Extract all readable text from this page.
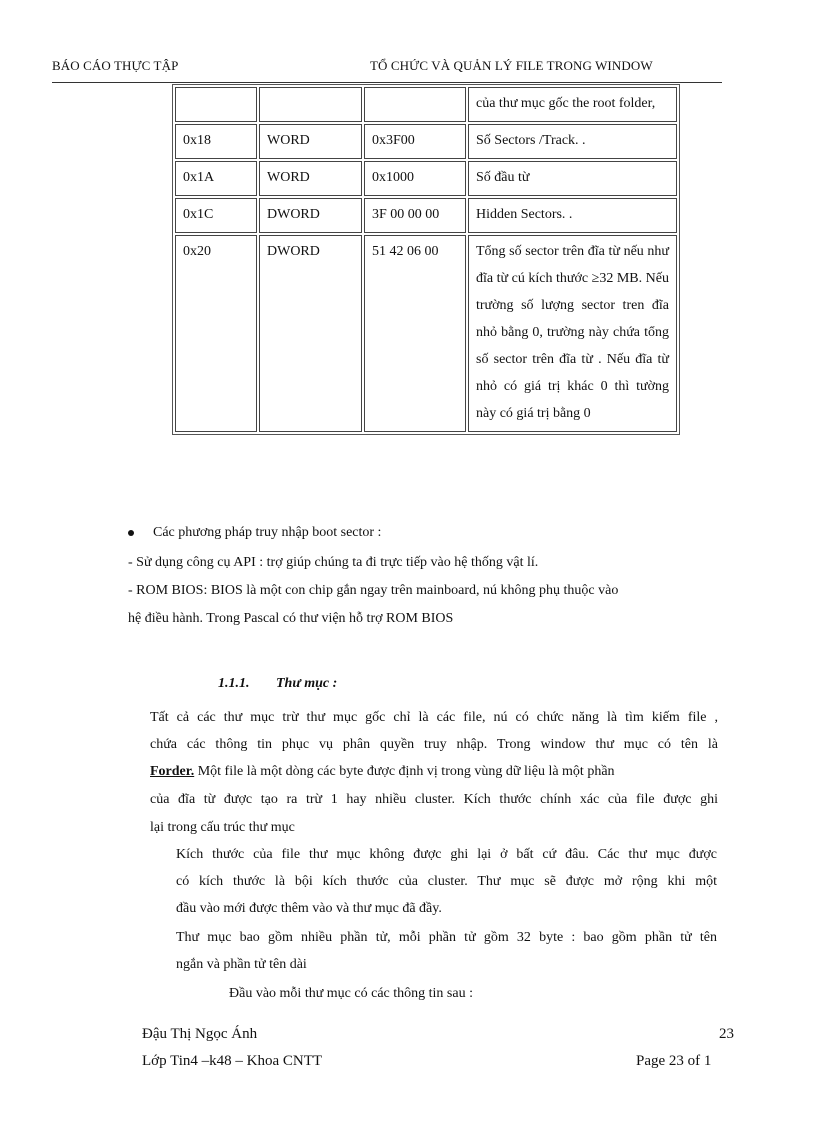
BÁO CÁO THỰC TẬP	TỔ CHỨC VÀ QUẢN LÝ FILE TRONG WINDOW
			của thư mục gốc the root folder,
0x18	WORD	0x3F00	Số Sectors /Track. .
0x1A	WORD	0x1000	Số đầu từ
0x1C	DWORD	3F 00 00 00	Hidden Sectors. .
0x20	DWORD	51 42 06 00	Tổng số sector trên đĩa từ nếu như đĩa từ cú kích thước ≥32 MB. Nếu trường số lượng sector tren đĩa nhỏ bằng 0, trường này chứa tổng số sector trên đĩa từ . Nếu đĩa từ nhỏ có giá trị khác 0 thì tường này có giá trị bằng 0
Các phương pháp truy nhập boot sector :
- Sử dụng công cụ API : trợ giúp chúng ta đi trực tiếp vào hệ thống vật lí.
- ROM BIOS: BIOS là một con chip gắn ngay trên mainboard, nú không phụ thuộc vào
hệ điều hành. Trong Pascal có thư viện hỗ trợ ROM BIOS
1.1.1. Thư mục :
Tất cả các thư mục trừ thư mục gốc chỉ là các file, nú có chức năng là tìm kiếm file ,
chứa các thông tin phục vụ phân quyền truy nhập. Trong window thư mục có tên là
Forder. Một file là một dòng các byte được định vị trong vùng dữ liệu là một phần
của đĩa từ được tạo ra trừ 1 hay nhiều cluster. Kích thước chính xác của file được ghi
lại trong cấu trúc thư mục
Kích thước của file thư mục không được ghi lại ở bất cứ đâu. Các thư mục được
có kích thước là bội kích thước của cluster. Thư mục sẽ được mở rộng khi một
đầu vào mới được thêm vào và thư mục đã đầy.
Thư mục bao gồm nhiều phần tử, mỗi phần tử gồm 32 byte : bao gồm phần tử tên
ngắn và phần tử tên dài
Đầu vào mỗi thư mục có các thông tin sau :
Đậu Thị Ngọc Ánh	23
Lớp Tin4 –k48 – Khoa CNTT	Page 23 of 1
